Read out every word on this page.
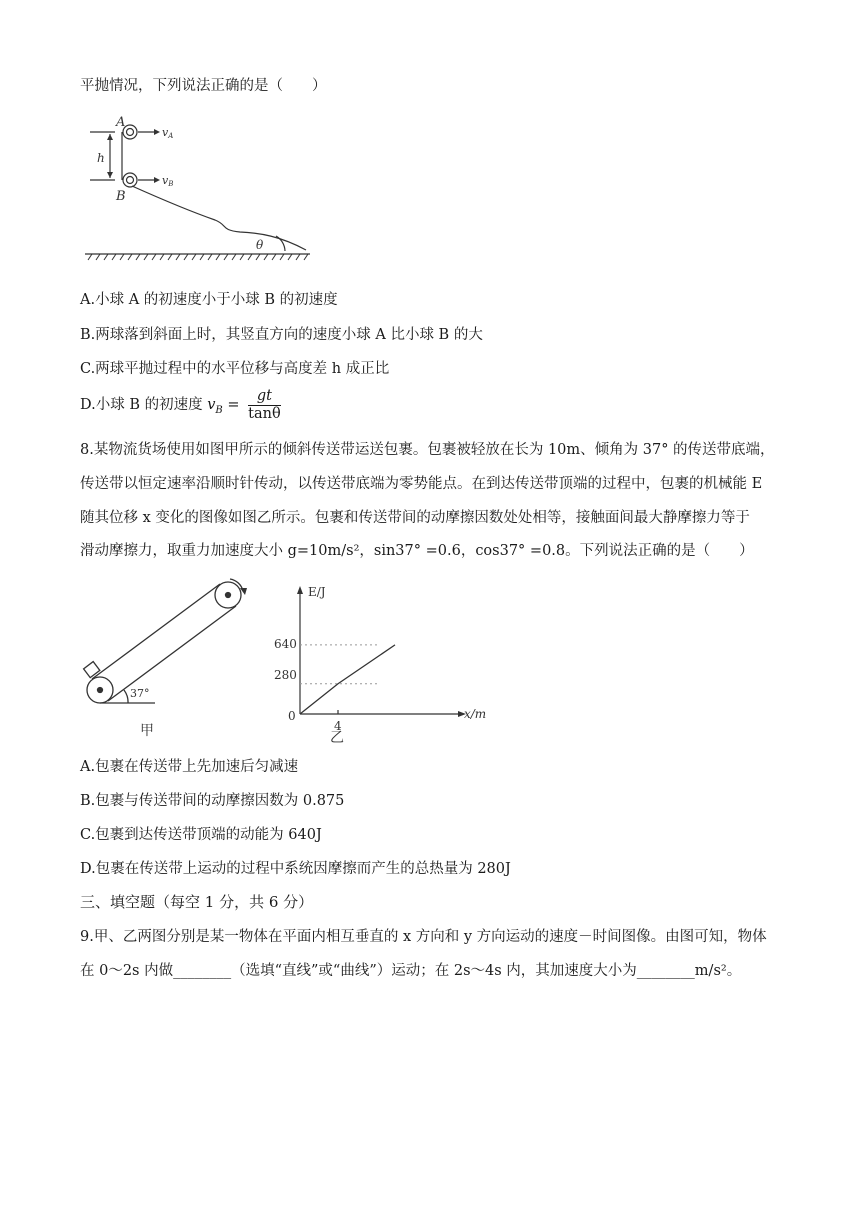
平抛情况，下列说法正确的是（　　）
A
B
h
vA
vB
θ
A.小球 A 的初速度小于小球 B 的初速度
B.两球落到斜面上时，其竖直方向的速度小球 A 比小球 B 的大
C.两球平抛过程中的水平位移与高度差 h 成正比
D.小球 B 的初速度 $v_B = \frac{gt}{\tan\theta}$
8.某物流货场使用如图甲所示的倾斜传送带运送包裹。包裹被轻放在长为 10m、倾角为 37° 的传送带底端，
传送带以恒定速率沿顺时针传动，以传送带底端为零势能点。在到达传送带顶端的过程中，包裹的机械能 E
随其位移 x 变化的图像如图乙所示。包裹和传送带间的动摩擦因数处处相等，接触面间最大静摩擦力等于
滑动摩擦力，取重力加速度大小 g=10m/s²，sin37° =0.6，cos37° =0.8。下列说法正确的是（　　）
37°
甲
E/J
640
280
0
4
x/m
乙
A.包裹在传送带上先加速后匀减速
B.包裹与传送带间的动摩擦因数为 0.875
C.包裹到达传送带顶端的动能为 640J
D.包裹在传送带上运动的过程中系统因摩擦而产生的总热量为 280J
三、填空题（每空 1 分，共 6 分）
9.甲、乙两图分别是某一物体在平面内相互垂直的 x 方向和 y 方向运动的速度－时间图像。由图可知，物体
在 0～2s 内做________（选填“直线”或“曲线”）运动；在 2s～4s 内，其加速度大小为________m/s²。
